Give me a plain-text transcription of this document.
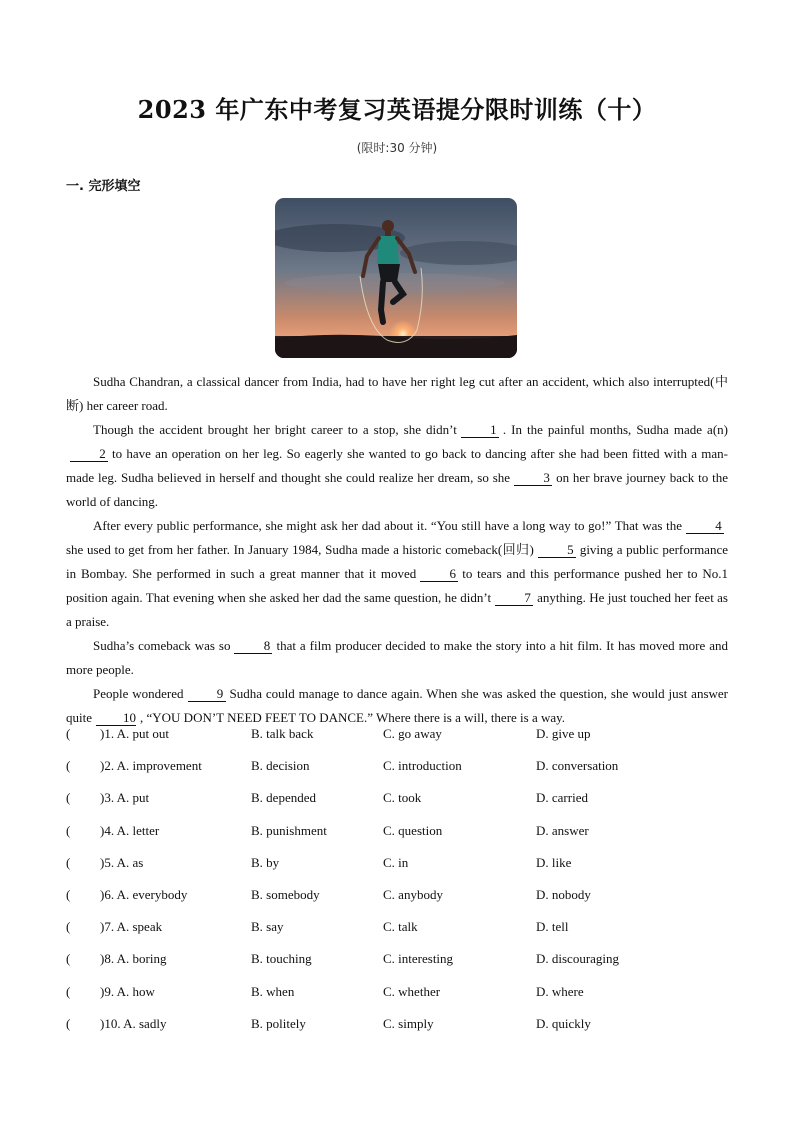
2023 年广东中考复习英语提分限时训练（十）
(限时:30 分钟)
一. 完形填空

Sudha Chandran, a classical dancer from India, had to have her right leg cut after an accident, which also interrupted(中断) her career road.

Though the accident brought her bright career to a stop, she didn’t	1 . In the painful months, Sudha made a(n)2 to have an operation on her leg. So eagerly she wanted to go back to dancing after she had been fitted with a man-made leg. Sudha believed in herself and thought she could realize her dream, so she	3 on her brave journey back to the world of dancing.

After every public performance, she might ask her dad about it. “You still have a long way to go!” That was the	4she used to get from her father. In January 1984, Sudha made a historic comeback(回归)	5 giving a public performance in Bombay. She performed in such a great manner that it moved	6 to tears and this performance pushed her to No.1 position again. That evening when she asked her dad the same question, he didn’t	7 anything. He just touched her feet as a praise.

Sudha’s comeback was so	8 that a film producer decided to make the story into a hit film. It has moved more and more people.

People wondered	9 Sudha could manage to dance again. When she was asked the question, she would just answer quite 10 , “YOU DON’T NEED FEET TO DANCE.” Where there is a will, there is a way.

( )1. A. put out	B. talk back	C. go away	D. give up
( )2. A. improvement	B. decision	C. introduction	D. conversation
( )3. A. put	B. depended	C. took	D. carried
( )4. A. letter	B. punishment	C. question	D. answer
( )5. A. as	B. by	C. in	D. like
( )6. A. everybody	B. somebody	C. anybody	D. nobody
( )7. A. speak	B. say	C. talk	D. tell
( )8. A. boring	B. touching	C. interesting	D. discouraging
( )9. A. how	B. when	C. whether	D. where
( )10. A. sadly	B. politely	C. simply	D. quickly
